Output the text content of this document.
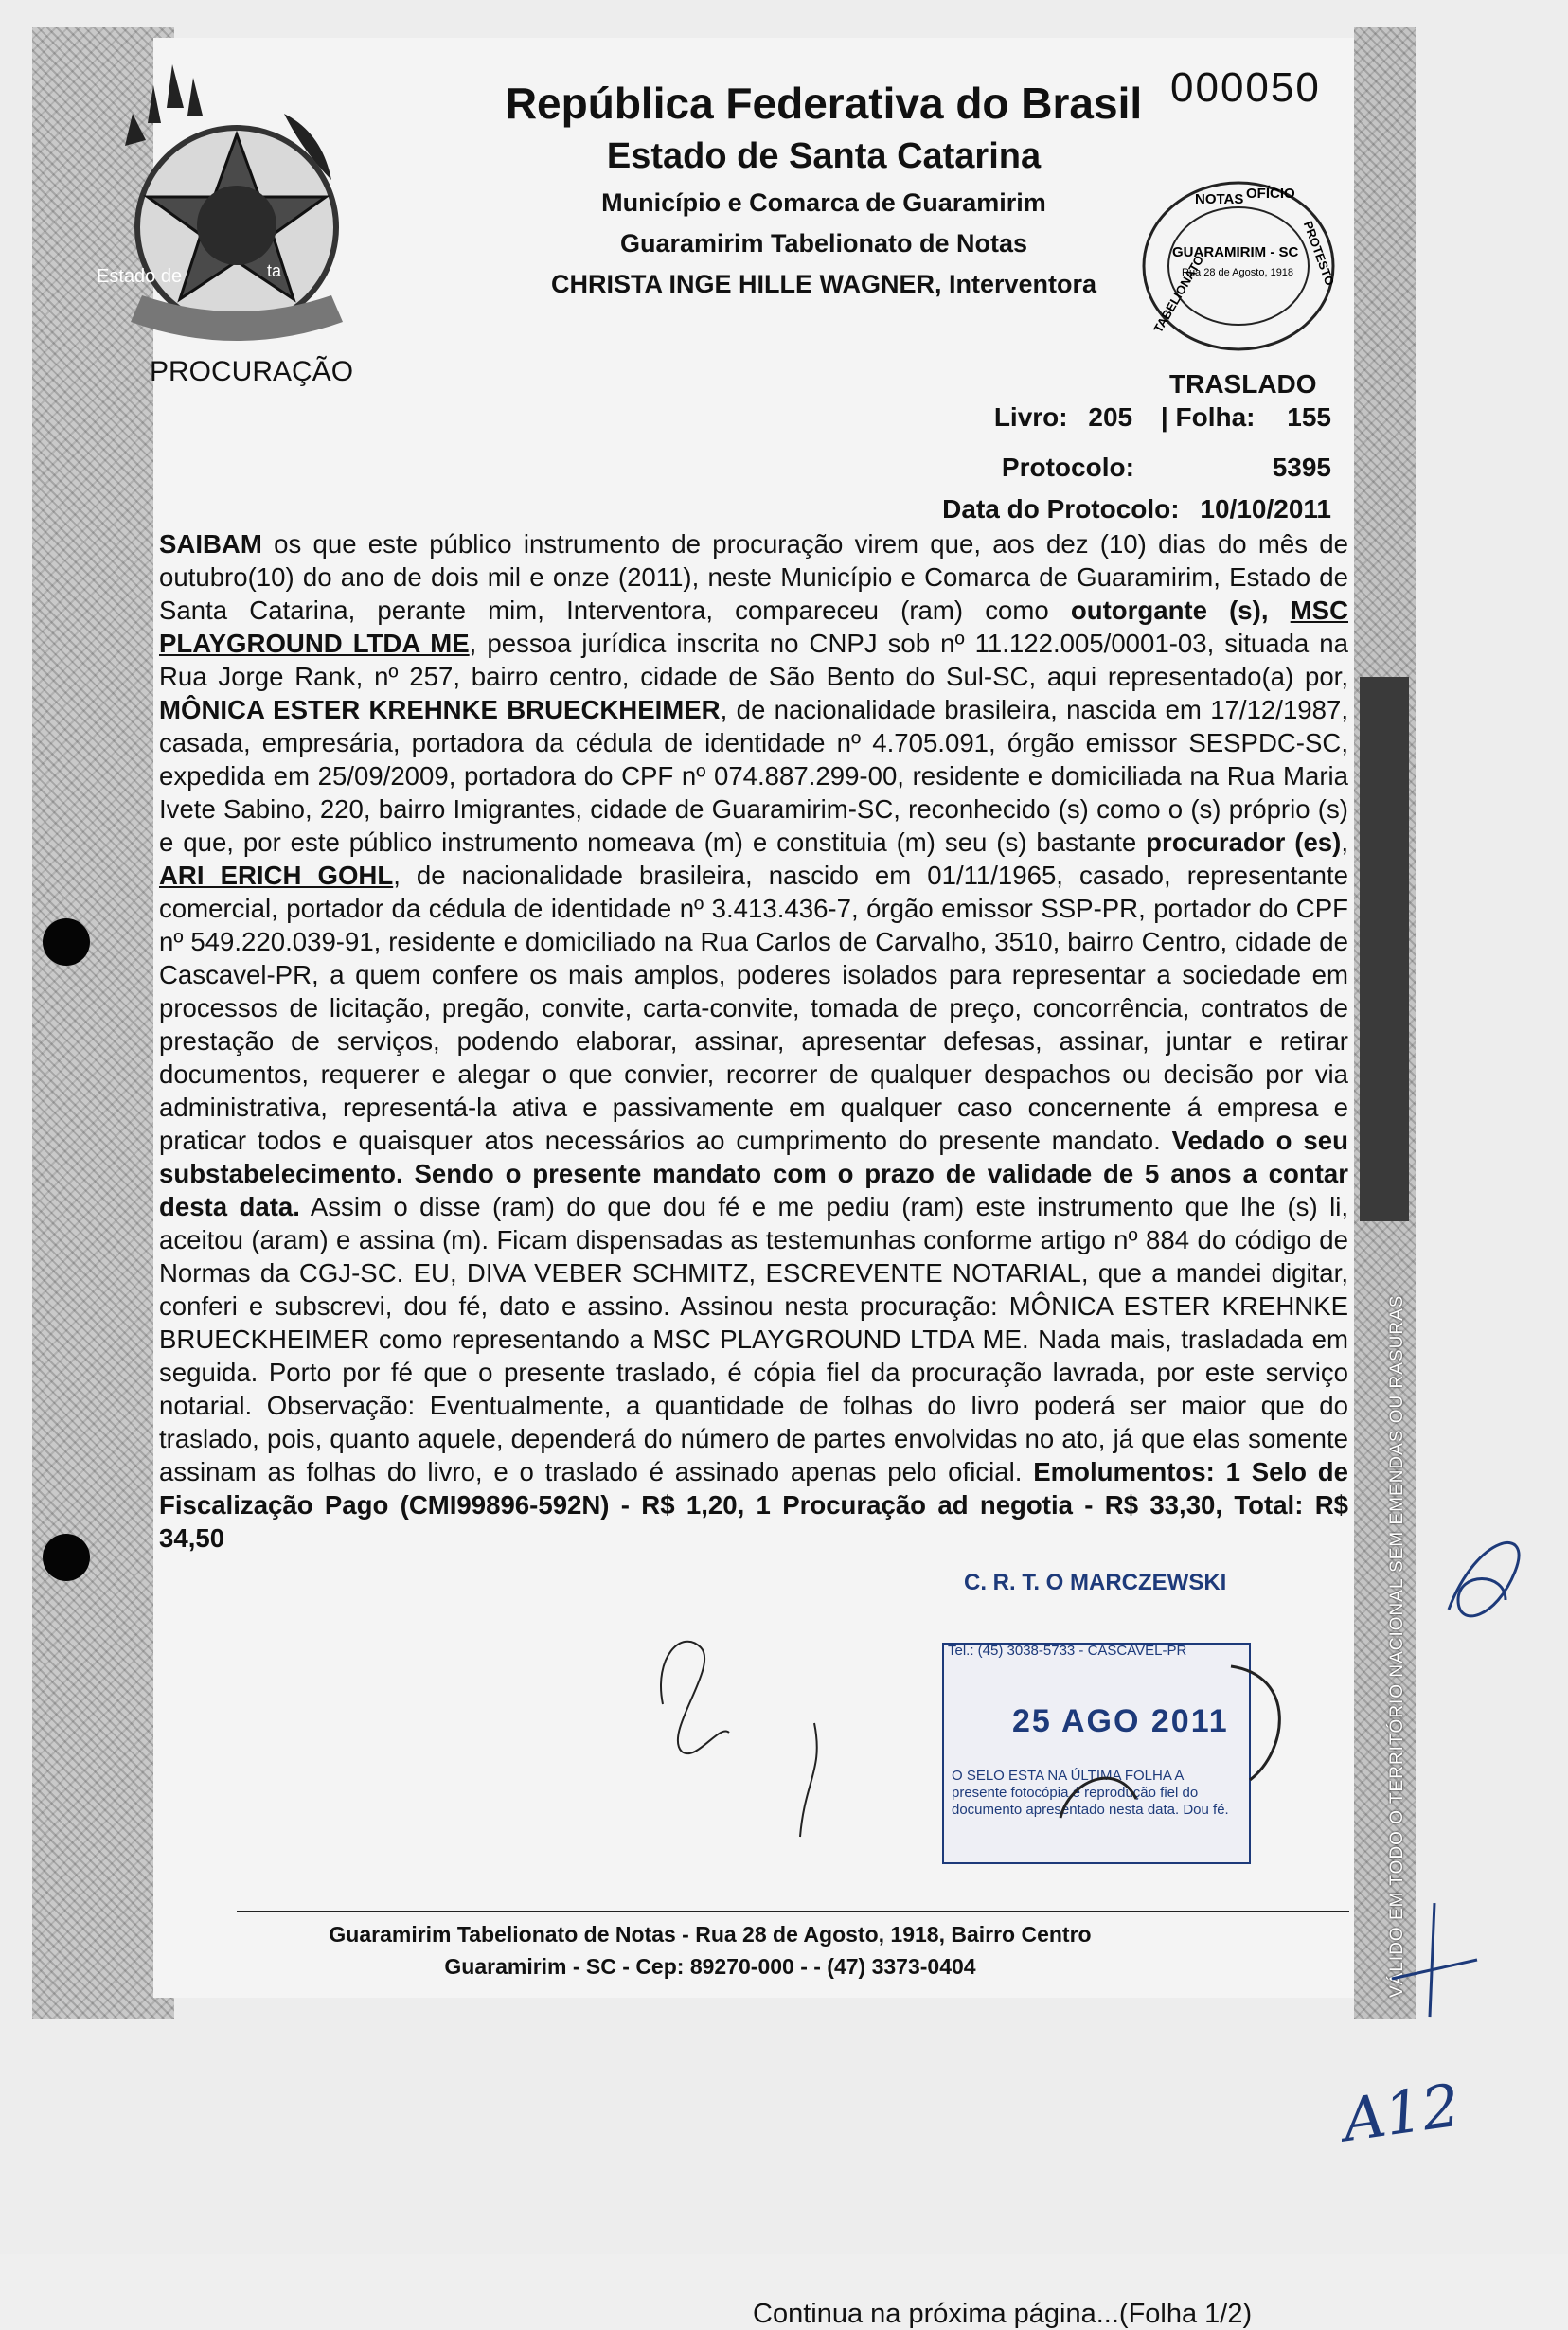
VÁLIDO EM TODO O TERRITÓRIO NACIONAL SEM EMENDAS OU RASURAS
Estado de	ta
000050
República Federativa do Brasil
Estado de Santa Catarina
Município e Comarca de Guaramirim
Guaramirim Tabelionato de Notas
CHRISTA INGE HILLE WAGNER, Interventora
NOTAS OFÍCIO
GUARAMIRIM - SC
Rua 28 de Agosto, 1918
TABELIONATO	PROTESTO
PROCURAÇÃO	TRASLADO
Livro: 205 | Folha: 155
Protocolo:	5395
Data do Protocolo: 10/10/2011
SAIBAM os que este público instrumento de procuração virem que, aos dez (10) dias do mês de outubro(10) do ano de dois mil e onze (2011), neste Município e Comarca de Guaramirim, Estado de Santa Catarina, perante mim, Interventora, compareceu (ram) como outorgante (s), MSC PLAYGROUND LTDA ME, pessoa jurídica inscrita no CNPJ sob nº 11.122.005/0001-03, situada na Rua Jorge Rank, nº 257, bairro centro, cidade de São Bento do Sul-SC, aqui representado(a) por, MÔNICA ESTER KREHNKE BRUECKHEIMER, de nacionalidade brasileira, nascida em 17/12/1987, casada, empresária, portadora da cédula de identidade nº 4.705.091, órgão emissor SESPDC-SC, expedida em 25/09/2009, portadora do CPF nº 074.887.299-00, residente e domiciliada na Rua Maria Ivete Sabino, 220, bairro Imigrantes, cidade de Guaramirim-SC, reconhecido (s) como o (s) próprio (s) e que, por este público instrumento nomeava (m) e constituia (m) seu (s) bastante procurador (es), ARI ERICH GOHL, de nacionalidade brasileira, nascido em 01/11/1965, casado, representante comercial, portador da cédula de identidade nº 3.413.436-7, órgão emissor SSP-PR, portador do CPF nº 549.220.039-91, residente e domiciliado na Rua Carlos de Carvalho, 3510, bairro Centro, cidade de Cascavel-PR, a quem confere os mais amplos, poderes isolados para representar a sociedade em processos de licitação, pregão, convite, carta-convite, tomada de preço, concorrência, contratos de prestação de serviços, podendo elaborar, assinar, apresentar defesas, assinar, juntar e retirar documentos, requerer e alegar o que convier, recorrer de qualquer despachos ou decisão por via administrativa, representá-la ativa e passivamente em qualquer caso concernente á empresa e praticar todos e quaisquer atos necessários ao cumprimento do presente mandato. Vedado o seu substabelecimento. Sendo o presente mandato com o prazo de validade de 5 anos a contar desta data. Assim o disse (ram) do que dou fé e me pediu (ram) este instrumento que lhe (s) li, aceitou (aram) e assina (m). Ficam dispensadas as testemunhas conforme artigo nº 884 do código de Normas da CGJ-SC. EU, DIVA VEBER SCHMITZ, ESCREVENTE NOTARIAL, que a mandei digitar, conferi e subscrevi, dou fé, dato e assino. Assinou nesta procuração: MÔNICA ESTER KREHNKE BRUECKHEIMER como representando a MSC PLAYGROUND LTDA ME. Nada mais, trasladada em seguida. Porto por fé que o presente traslado, é cópia fiel da procuração lavrada, por este serviço notarial. Observação: Eventualmente, a quantidade de folhas do livro poderá ser maior que do traslado, pois, quanto aquele, dependerá do número de partes envolvidas no ato, já que elas somente assinam as folhas do livro, e o traslado é assinado apenas pelo oficial. Emolumentos: 1 Selo de Fiscalização Pago (CMI99896-592N) - R$ 1,20, 1 Procuração ad negotia - R$ 33,30, Total: R$ 34,50
C. R. T. O MARCZEWSKI
Tel.: (45) 3038-5733 - CASCAVEL-PR
25 AGO 2011
O SELO ESTA NA ÚLTIMA FOLHA A presente fotocópia é reprodução fiel do documento apresentado nesta data. Dou fé.
Continua na próxima página...(Folha 1/2)
Guaramirim Tabelionato de Notas - Rua 28 de Agosto, 1918, Bairro Centro
Guaramirim - SC - Cep: 89270-000 - - (47) 3373-0404
A12
